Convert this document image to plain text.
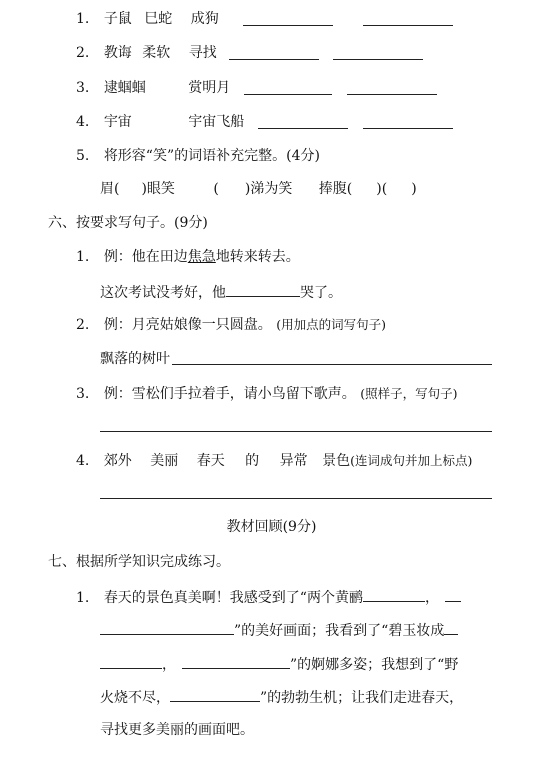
1. 子鼠 巳蛇 成狗
2. 教诲 柔软 寻找
3. 逮蝈蝈	赏明月
4. 宇宙	宇宙飞船
5. 将形容“笑”的词语补充完整。(4分)
眉( )眼笑	( )涕为笑 捧腹( )( )
六、按要求写句子。(9分)
1. 例：他在田边焦急地转来转去。
这次考试没考好，他	哭了。
2. 例：月亮姑娘像一只圆盘。 (用加点的词写句子)
飘落的树叶
3. 例：雪松们手拉着手，请小鸟留下歌声。 (照样子，写句子)
4. 郊外 美丽 春天 的 异常 景色(连词成句并加上标点)
教材回顾(9分)
七、根据所学知识完成练习。
1. 春天的景色真美啊！我感受到了“两个黄鹂	，
”的美好画面；我看到了“碧玉妆成
，	”的婀娜多姿；我想到了“野
火烧不尽，	”的勃勃生机；让我们走进春天，
寻找更多美丽的画面吧。
